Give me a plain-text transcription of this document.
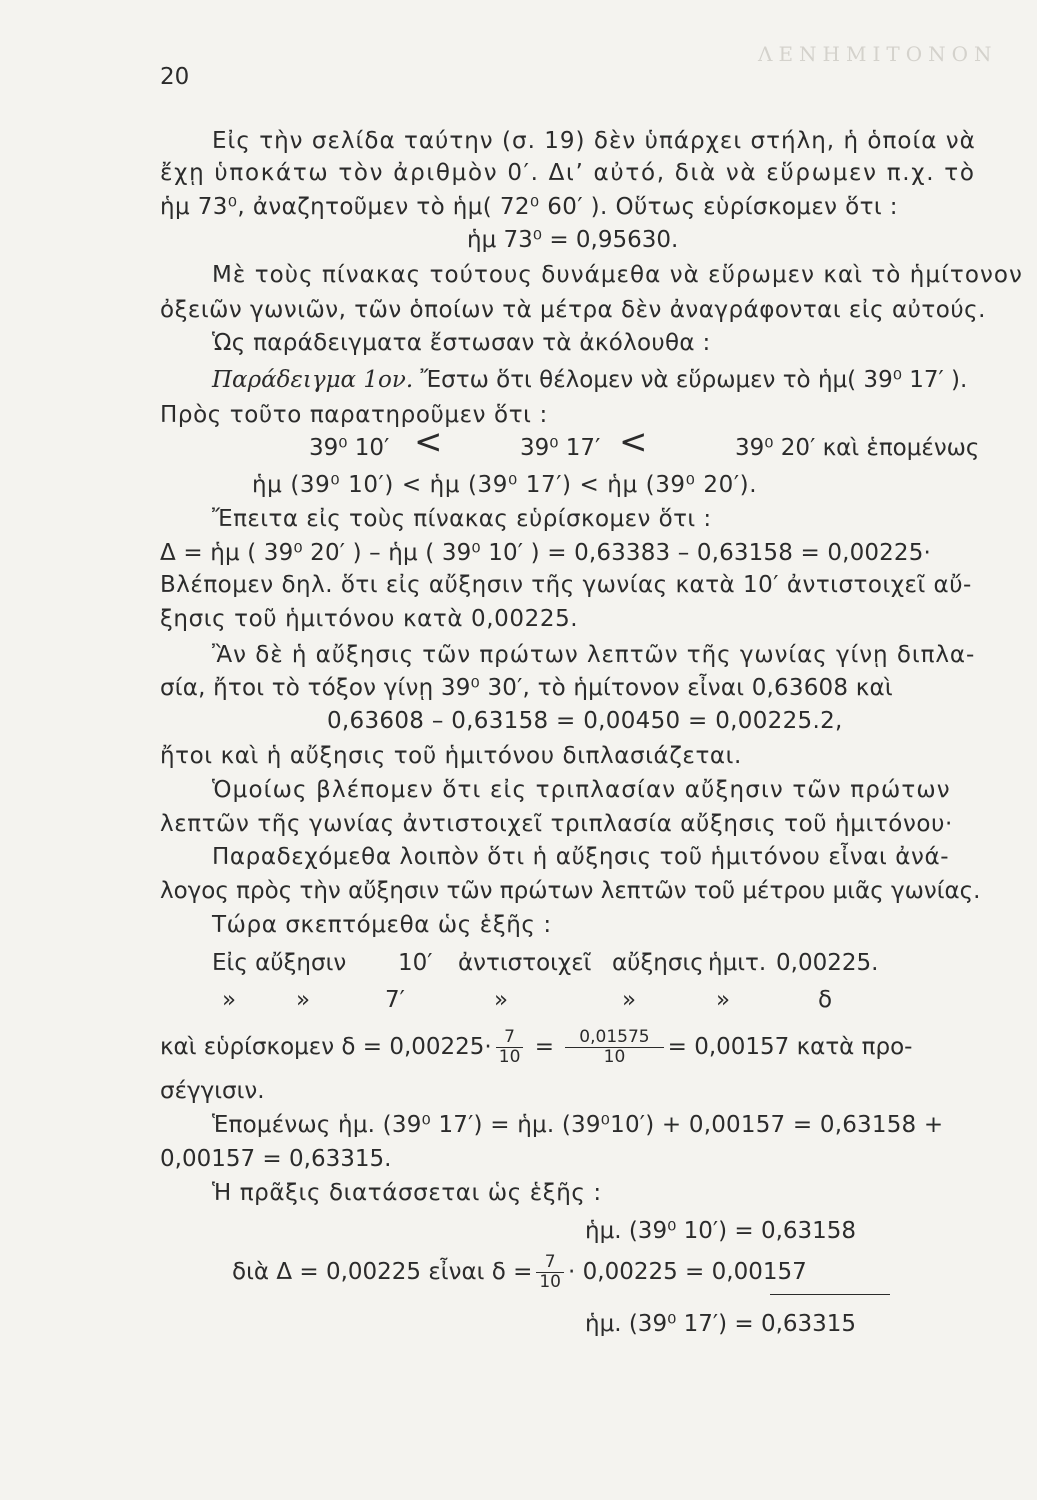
ΛΕΝΗΜΙΤΟΝΟΝ
20
Εἰς τὴν σελίδα ταύτην (σ. 19) δὲν ὑπάρχει στήλη, ἡ ὁποία νὰ
ἔχῃ ὑποκάτω τὸν ἀριθμὸν 0′. Δι’ αὐτό, διὰ νὰ εὕρωμεν π.χ. τὸ
ἡμ 73⁰, ἀναζητοῦμεν τὸ ἡμ( 72⁰ 60′ ). Οὕτως εὑρίσκομεν ὅτι :
ἡμ 73⁰ = 0,95630.
Μὲ τοὺς πίνακας τούτους δυνάμεθα νὰ εὕρωμεν καὶ τὸ ἡμίτονον
ὀξειῶν γωνιῶν, τῶν ὁποίων τὰ μέτρα δὲν ἀναγράφονται εἰς αὐτούς.
Ὡς παράδειγματα ἔστωσαν τὰ ἀκόλουθα :
Παράδειγμα 1ον. Ἔστω ὅτι θέλομεν νὰ εὕρωμεν τὸ ἡμ( 39⁰ 17′ ).
Πρὸς τοῦτο παρατηροῦμεν ὅτι :
39⁰ 10′ <	39⁰ 17′ <	39⁰ 20′ καὶ ἑπομένως
ἡμ (39⁰ 10′) < ἡμ (39⁰ 17′) < ἡμ (39⁰ 20′).
Ἔπειτα εἰς τοὺς πίνακας εὑρίσκομεν ὅτι :
Δ = ἡμ ( 39⁰ 20′ ) – ἡμ ( 39⁰ 10′ ) = 0,63383 – 0,63158 = 0,00225·
Βλέπομεν δηλ. ὅτι εἰς αὔξησιν τῆς γωνίας κατὰ 10′ ἀντιστοιχεῖ αὔ-
ξησις τοῦ ἡμιτόνου κατὰ 0,00225.
Ἂν δὲ ἡ αὔξησις τῶν πρώτων λεπτῶν τῆς γωνίας γίνῃ διπλα-
σία, ἤτοι τὸ τόξον γίνῃ 39⁰ 30′, τὸ ἡμίτονον εἶναι 0,63608 καὶ
0,63608 – 0,63158 = 0,00450 = 0,00225.2,
ἤτοι καὶ ἡ αὔξησις τοῦ ἡμιτόνου διπλασιάζεται.
Ὁμοίως βλέπομεν ὅτι εἰς τριπλασίαν αὔξησιν τῶν πρώτων
λεπτῶν τῆς γωνίας ἀντιστοιχεῖ τριπλασία αὔξησις τοῦ ἡμιτόνου·
Παραδεχόμεθα λοιπὸν ὅτι ἡ αὔξησις τοῦ ἡμιτόνου εἶναι ἀνά-
λογος πρὸς τὴν αὔξησιν τῶν πρώτων λεπτῶν τοῦ μέτρου μιᾶς γωνίας.
Τώρα σκεπτόμεθα ὡς ἑξῆς :
Εἰς αὔξησιν 10′ ἀντιστοιχεῖ αὔξησις ἡμιτ. 0,00225.
»	»	7′	»	»	»	δ
καὶ εὑρίσκομεν $\delta = 0,00225\cdot \frac{7}{10} = \frac{0,01575}{10} = 0,00157$ κατὰ προ-
σέγγισιν.
Ἑπομένως ἡμ. (39⁰ 17′) = ἡμ. (39⁰10′) + 0,00157 = 0,63158 +
0,00157 = 0,63315.
Ἡ πρᾶξις διατάσσεται ὡς ἑξῆς :
ἡμ. (39⁰ 10′) = 0,63158
διὰ Δ = 0,00225 εἶναι $\delta = \frac{7}{10} \cdot 0,00225 = 0,00157$
ἡμ. (39⁰ 17′) = 0,63315
